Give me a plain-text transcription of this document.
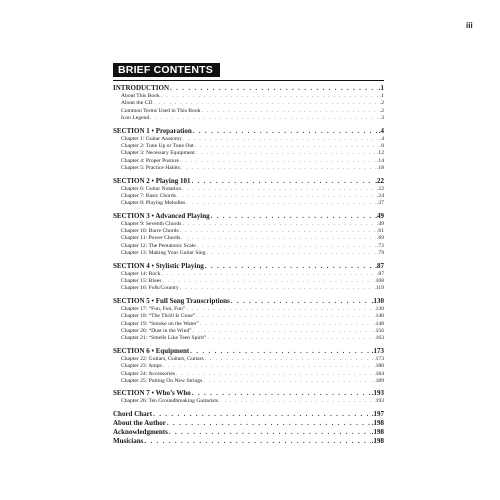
iii
BRIEF CONTENTS
INTRODUCTION . . .	.1
About This Book . . .	.1
About the CD . . .	.2
Common Terms Used in This Book . . .	.2
Icon Legend . . .	.3
SECTION 1 • Preparation . . .	.4
Chapter 1: Guitar Anatomy . . .	.4
Chapter 2: Tune Up or Tune Out . . .	.8
Chapter 3: Necessary Equipment . . .	.12
Chapter 4: Proper Posture . . .	.14
Chapter 5: Practice Habits . . .	.18
SECTION 2 • Playing 101 . . .	.22
Chapter 6: Guitar Notation . . .	.22
Chapter 7: Basic Chords . . .	.24
Chapter 8: Playing Melodies . . .	.37
SECTION 3 • Advanced Playing . . .	.49
Chapter 9: Seventh Chords . . .	.49
Chapter 10: Barre Chords . . .	.61
Chapter 11: Power Chords . . .	.69
Chapter 12: The Pentatonic Scale . . .	.72
Chapter 13: Making Your Guitar Sing . . .	.79
SECTION 4 • Stylistic Playing . . .	.87
Chapter 14: Rock . . .	.87
Chapter 15: Blues . . .	.108
Chapter 16: Folk/Country . . .	.119
SECTION 5 • Full Song Transcriptions . . .	.130
Chapter 17: “Fun, Fun, Fun” . . .	.130
Chapter 18: “The Thrill Is Gone” . . .	.140
Chapter 19: “Smoke on the Water” . . .	.148
Chapter 20: “Dust in the Wind” . . .	.156
Chapter 21: “Smells Like Teen Spirit” . . .	.163
SECTION 6 • Equipment . . .	.173
Chapter 22: Guitars, Guitars, Guitars . . .	.173
Chapter 23: Amps . . .	.180
Chapter 24: Accessories . . .	.184
Chapter 25: Putting On New Strings . . .	.189
SECTION 7 • Who’s Who . . .	.193
Chapter 26: Ten Groundbreaking Guitarists . . .	.193
Chord Chart . . .	.197
About the Author . . .	.198
Acknowledgments . . .	.198
Musicians . . .	.198
